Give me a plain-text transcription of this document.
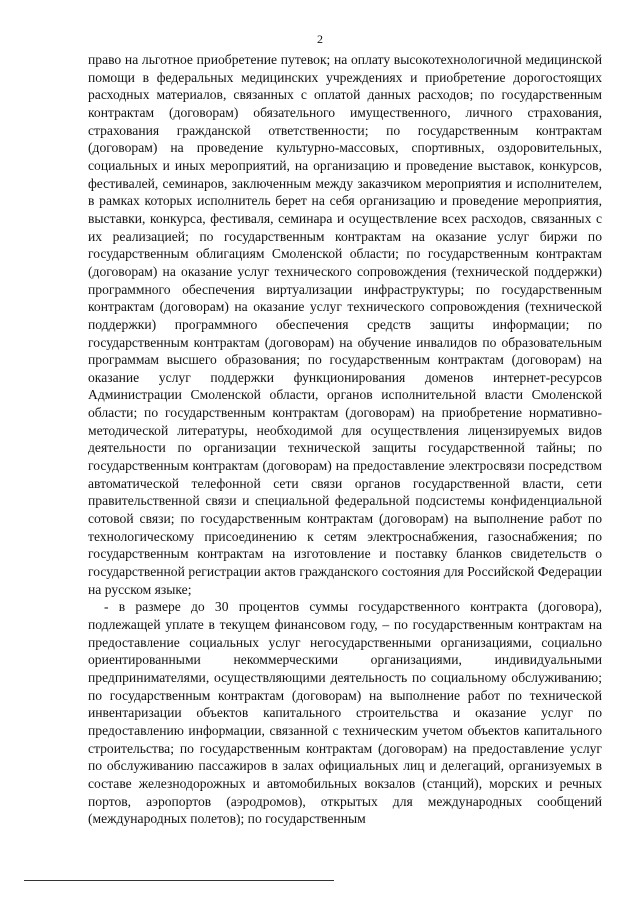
2

право на льготное приобретение путевок; на оплату высокотехнологичной медицинской помощи в федеральных медицинских учреждениях и приобретение дорогостоящих расходных материалов, связанных с оплатой данных расходов; по государственным контрактам (договорам) обязательного имущественного, личного страхования, страхования гражданской ответственности; по государственным контрактам (договорам) на проведение культурно-массовых, спортивных, оздоровительных, социальных и иных мероприятий, на организацию и проведение выставок, конкурсов, фестивалей, семинаров, заключенным между заказчиком мероприятия и исполнителем, в рамках которых исполнитель берет на себя организацию и проведение мероприятия, выставки, конкурса, фестиваля, семинара и осуществление всех расходов, связанных с их реализацией; по государственным контрактам на оказание услуг биржи по государственным облигациям Смоленской области; по государственным контрактам (договорам) на оказание услуг технического сопровождения (технической поддержки) программного обеспечения виртуализации инфраструктуры; по государственным контрактам (договорам) на оказание услуг технического сопровождения (технической поддержки) программного обеспечения средств защиты информации; по государственным контрактам (договорам) на обучение инвалидов по образовательным программам высшего образования; по государственным контрактам (договорам) на оказание услуг поддержки функционирования доменов интернет-ресурсов Администрации Смоленской области, органов исполнительной власти Смоленской области; по государственным контрактам (договорам) на приобретение нормативно-методической литературы, необходимой для осуществления лицензируемых видов деятельности по организации технической защиты государственной тайны; по государственным контрактам (договорам) на предоставление электросвязи посредством автоматической телефонной сети связи органов государственной власти, сети правительственной связи и специальной федеральной подсистемы конфиденциальной сотовой связи; по государственным контрактам (договорам) на выполнение работ по технологическому присоединению к сетям электроснабжения, газоснабжения; по государственным контрактам на изготовление и поставку бланков свидетельств о государственной регистрации актов гражданского состояния для Российской Федерации на русском языке;

- в размере до 30 процентов суммы государственного контракта (договора), подлежащей уплате в текущем финансовом году, – по государственным контрактам на предоставление социальных услуг негосударственными организациями, социально ориентированными некоммерческими организациями, индивидуальными предпринимателями, осуществляющими деятельность по социальному обслуживанию; по государственным контрактам (договорам) на выполнение работ по технической инвентаризации объектов капитального строительства и оказание услуг по предоставлению информации, связанной с техническим учетом объектов капитального строительства; по государственным контрактам (договорам) на предоставление услуг по обслуживанию пассажиров в залах официальных лиц и делегаций, организуемых в составе железнодорожных и автомобильных вокзалов (станций), морских и речных портов, аэропортов (аэродромов), открытых для международных сообщений (международных полетов); по государственным
